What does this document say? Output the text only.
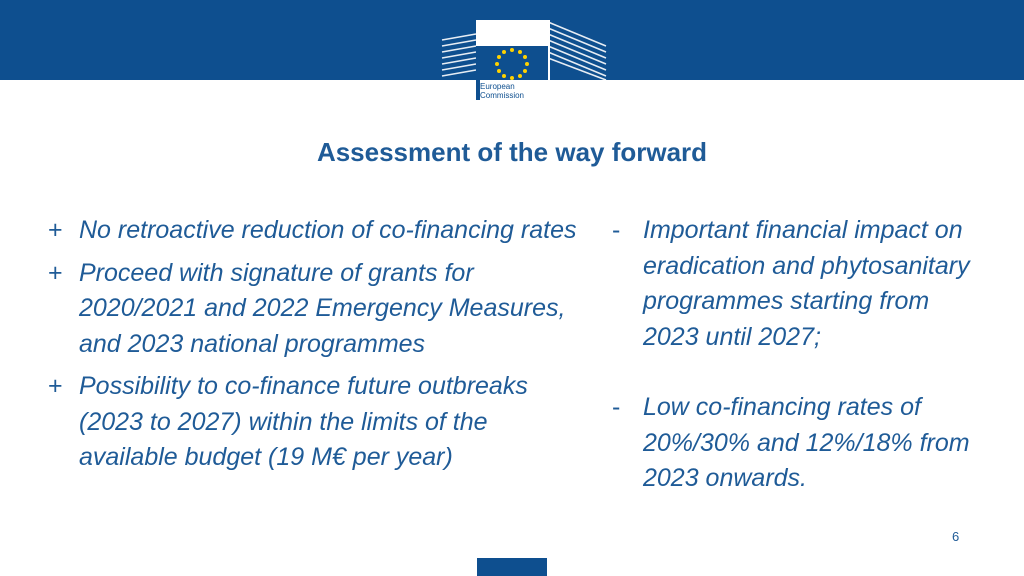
European Commission
Assessment of the way forward
+ No retroactive reduction of co-financing rates
+ Proceed with signature of grants for 2020/2021 and 2022 Emergency Measures, and 2023 national programmes
+ Possibility to co-finance future outbreaks (2023 to 2027) within the limits of the available budget (19 M€ per year)
- Important financial impact on eradication and phytosanitary programmes starting from 2023 until 2027;
- Low co-financing rates of 20%/30% and 12%/18% from 2023 onwards.
6
